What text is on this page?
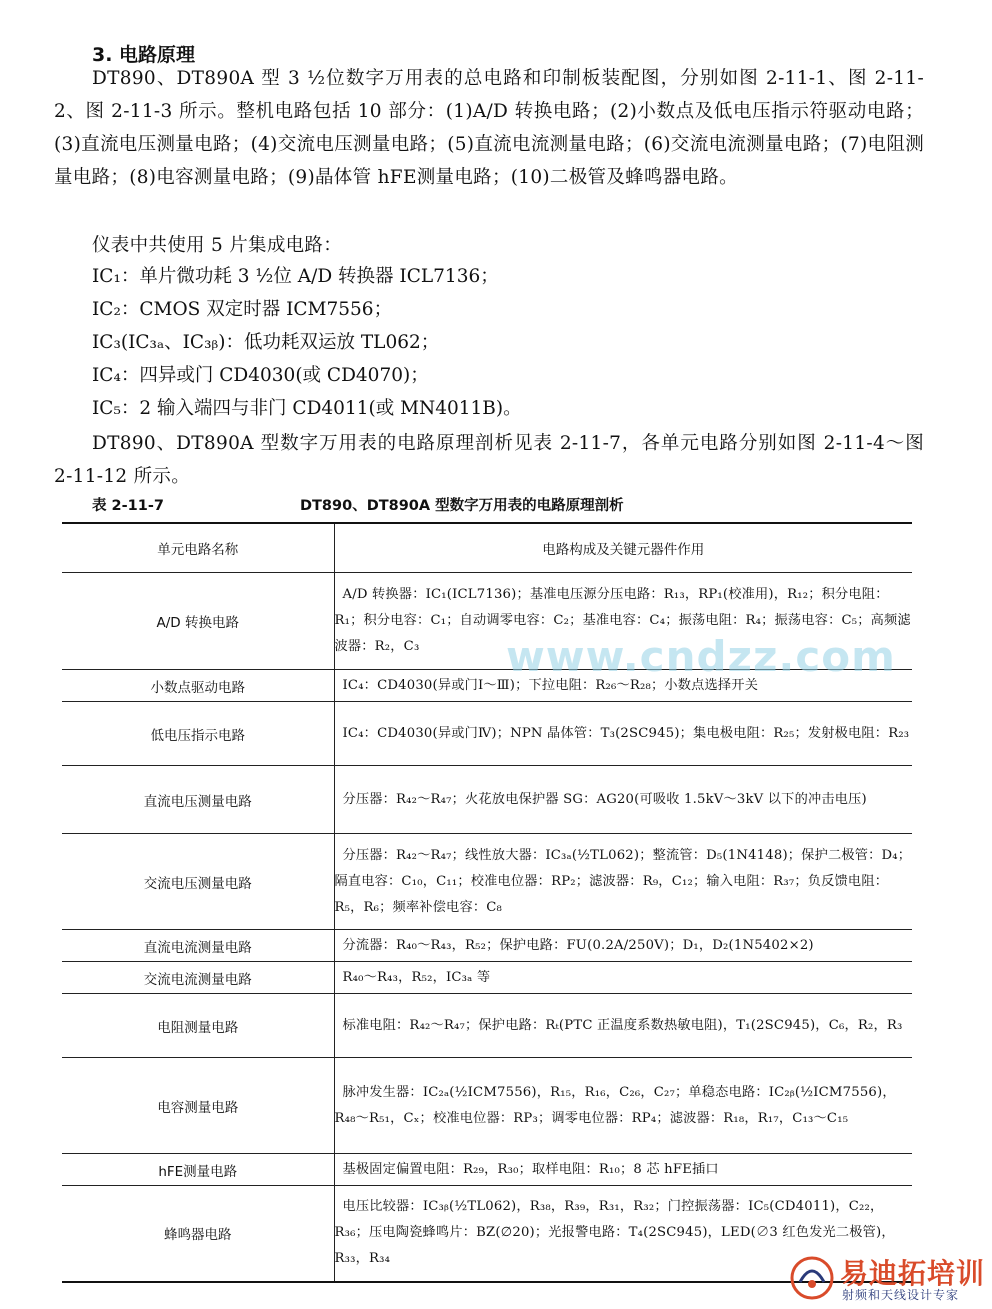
3. 电路原理

DT890、DT890A 型 3 ½位数字万用表的总电路和印制板装配图，分别如图 2-11-1、图 2-11-2、图 2-11-3 所示。整机电路包括 10 部分：(1)A/D 转换电路；(2)小数点及低电压指示符驱动电路；(3)直流电压测量电路；(4)交流电压测量电路；(5)直流电流测量电路；(6)交流电流测量电路；(7)电阻测量电路；(8)电容测量电路；(9)晶体管 hFE测量电路；(10)二极管及蜂鸣器电路。

仪表中共使用 5 片集成电路：

IC₁：单片微功耗 3 ½位 A/D 转换器 ICL7136；
IC₂：CMOS 双定时器 ICM7556；
IC₃(IC₃ₐ、IC₃ᵦ)：低功耗双运放 TL062；
IC₄：四异或门 CD4030(或 CD4070)；
IC₅：2 输入端四与非门 CD4011(或 MN4011B)。

DT890、DT890A 型数字万用表的电路原理剖析见表 2-11-7，各单元电路分别如图 2-11-4～图 2-11-12 所示。

表 2-11-7	DT890、DT890A 型数字万用表的电路原理剖析
单元电路名称	电路构成及关键元器件作用
A/D 转换电路	A/D 转换器：IC₁(ICL7136)；基准电压源分压电路：R₁₃，RP₁(校准用)，R₁₂；积分电阻：R₁；积分电容：C₁；自动调零电容：C₂；基准电容：C₄；振荡电阻：R₄；振荡电容：C₅；高频滤波器：R₂，C₃
小数点驱动电路	IC₄：CD4030(异或门Ⅰ～Ⅲ)；下拉电阻：R₂₆～R₂₈；小数点选择开关
低电压指示电路	IC₄：CD4030(异或门Ⅳ)；NPN 晶体管：T₃(2SC945)；集电极电阻：R₂₅；发射极电阻：R₂₃
直流电压测量电路	分压器：R₄₂～R₄₇；火花放电保护器 SG：AG20(可吸收 1.5kV～3kV 以下的冲击电压)
交流电压测量电路	分压器：R₄₂～R₄₇；线性放大器：IC₃ₐ(½TL062)；整流管：D₅(1N4148)；保护二极管：D₄；隔直电容：C₁₀，C₁₁；校准电位器：RP₂；滤波器：R₉，C₁₂；输入电阻：R₃₇；负反馈电阻：R₅，R₆；频率补偿电容：C₈
直流电流测量电路	分流器：R₄₀～R₄₃，R₅₂；保护电路：FU(0.2A/250V)；D₁，D₂(1N5402×2)
交流电流测量电路	R₄₀～R₄₃，R₅₂，IC₃ₐ 等
电阻测量电路	标准电阻：R₄₂～R₄₇；保护电路：Rₜ(PTC 正温度系数热敏电阻)，T₁(2SC945)，C₆，R₂，R₃
电容测量电路	脉冲发生器：IC₂ₐ(½ICM7556)，R₁₅，R₁₆，C₂₆，C₂₇；单稳态电路：IC₂ᵦ(½ICM7556)，R₄₈～R₅₁，Cₓ；校准电位器：RP₃；调零电位器：RP₄；滤波器：R₁₈，R₁₇，C₁₃～C₁₅
hFE测量电路	基极固定偏置电阻：R₂₉，R₃₀；取样电阻：R₁₀；8 芯 hFE插口
蜂鸣器电路	电压比较器：IC₃ᵦ(½TL062)，R₃₈，R₃₉，R₃₁，R₃₂；门控振荡器：IC₅(CD4011)，C₂₂，R₃₆；压电陶瓷蜂鸣片：BZ(∅20)；光报警电路：T₄(2SC945)，LED(∅3 红色发光二极管)，R₃₃，R₃₄
www.cndzz.com
易迪拓培训
射频和天线设计专家
